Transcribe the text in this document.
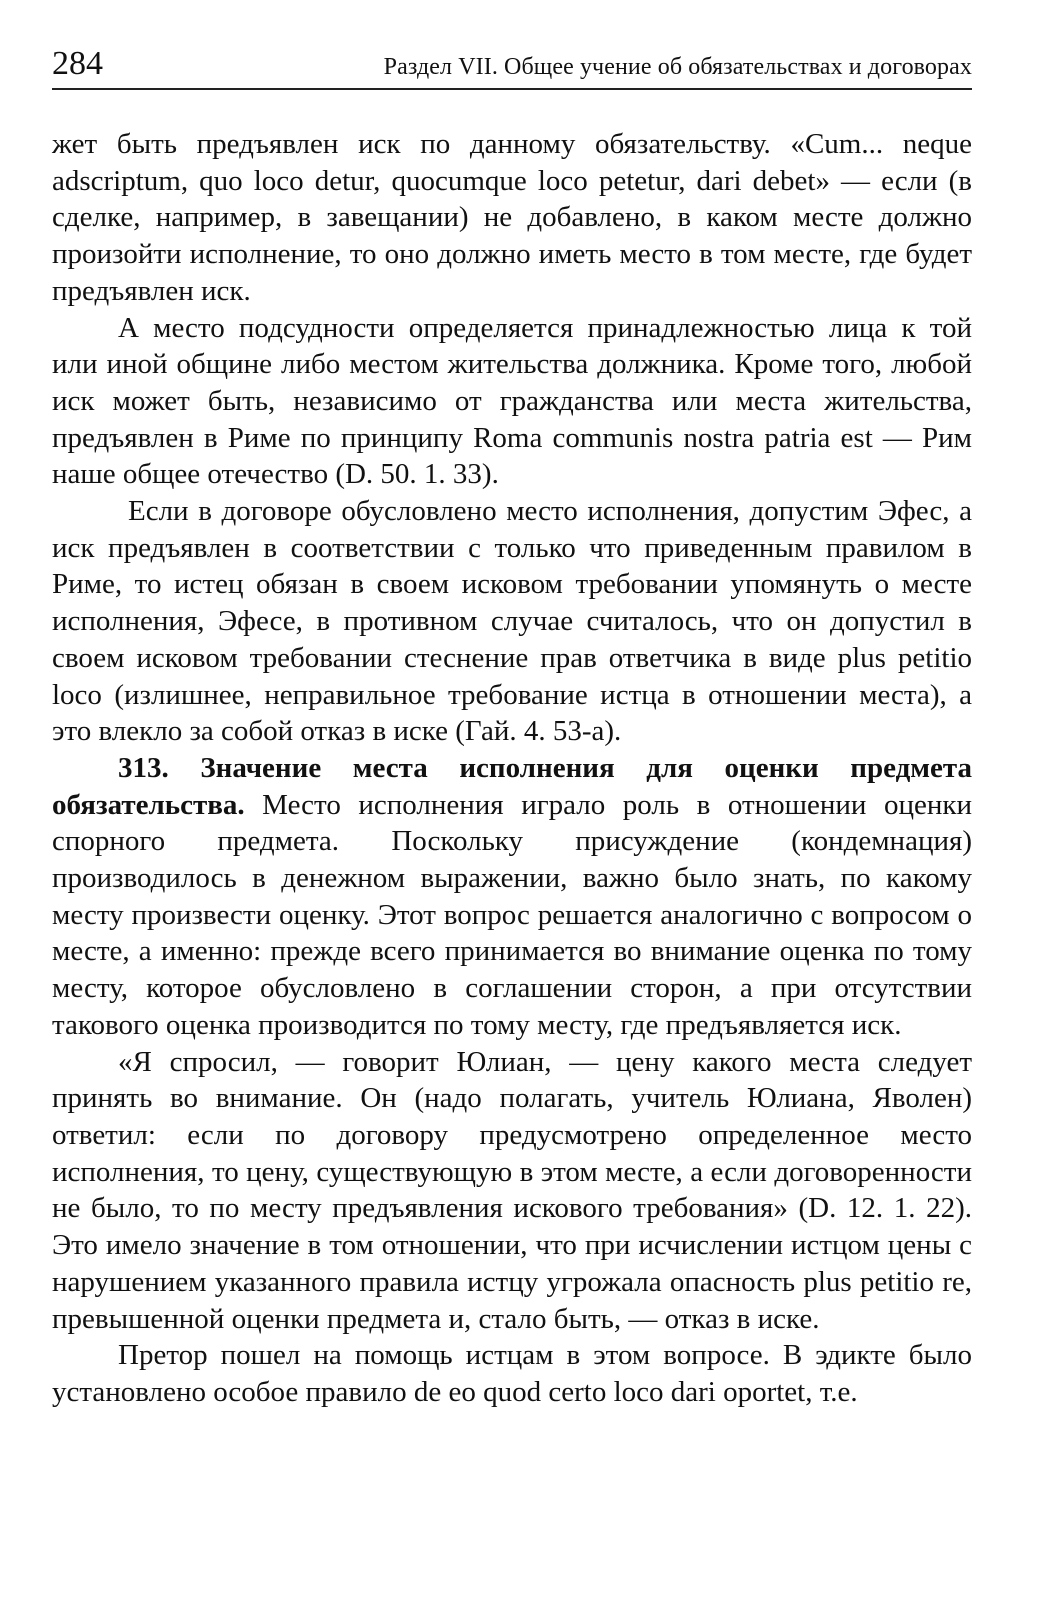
284	Раздел VII. Общее учение об обязательствах и договорах

жет быть предъявлен иск по данному обязательству. «Cum... neque adscriptum, quo loco detur, quocumque loco petetur, dari debet» — если (в сделке, например, в завещании) не добавлено, в каком месте должно произойти исполнение, то оно должно иметь место в том месте, где будет предъявлен иск.

А место подсудности определяется принадлежностью лица к той или иной общине либо местом жительства должника. Кроме того, любой иск может быть, независимо от гражданства или места жительства, предъявлен в Риме по принципу Roma communis nostra patria est — Рим наше общее отечество (D. 50. 1. 33).

Если в договоре обусловлено место исполнения, допустим Эфес, а иск предъявлен в соответствии с только что приведенным правилом в Риме, то истец обязан в своем исковом требовании упомянуть о месте исполнения, Эфесе, в противном случае считалось, что он допустил в своем исковом требовании стеснение прав ответчика в виде plus petitio loco (излишнее, неправильное требование истца в отношении места), а это влекло за собой отказ в иске (Гай. 4. 53-a).

313. Значение места исполнения для оценки предмета обязательства. Место исполнения играло роль в отношении оценки спорного предмета. Поскольку присуждение (кондемнация) производилось в денежном выражении, важно было знать, по какому месту произвести оценку. Этот вопрос решается аналогично с вопросом о месте, а именно: прежде всего принимается во внимание оценка по тому месту, которое обусловлено в соглашении сторон, а при отсутствии такового оценка производится по тому месту, где предъявляется иск.

«Я спросил, — говорит Юлиан, — цену какого места следует принять во внимание. Он (надо полагать, учитель Юлиана, Яволен) ответил: если по договору предусмотрено определенное место исполнения, то цену, существующую в этом месте, а если договоренности не было, то по месту предъявления искового требования» (D. 12. 1. 22). Это имело значение в том отношении, что при исчислении истцом цены с нарушением указанного правила истцу угрожала опасность plus petitio re, превышенной оценки предмета и, стало быть, — отказ в иске.

Претор пошел на помощь истцам в этом вопросе. В эдикте было установлено особое правило de eo quod certo loco dari oportet, т.е.
